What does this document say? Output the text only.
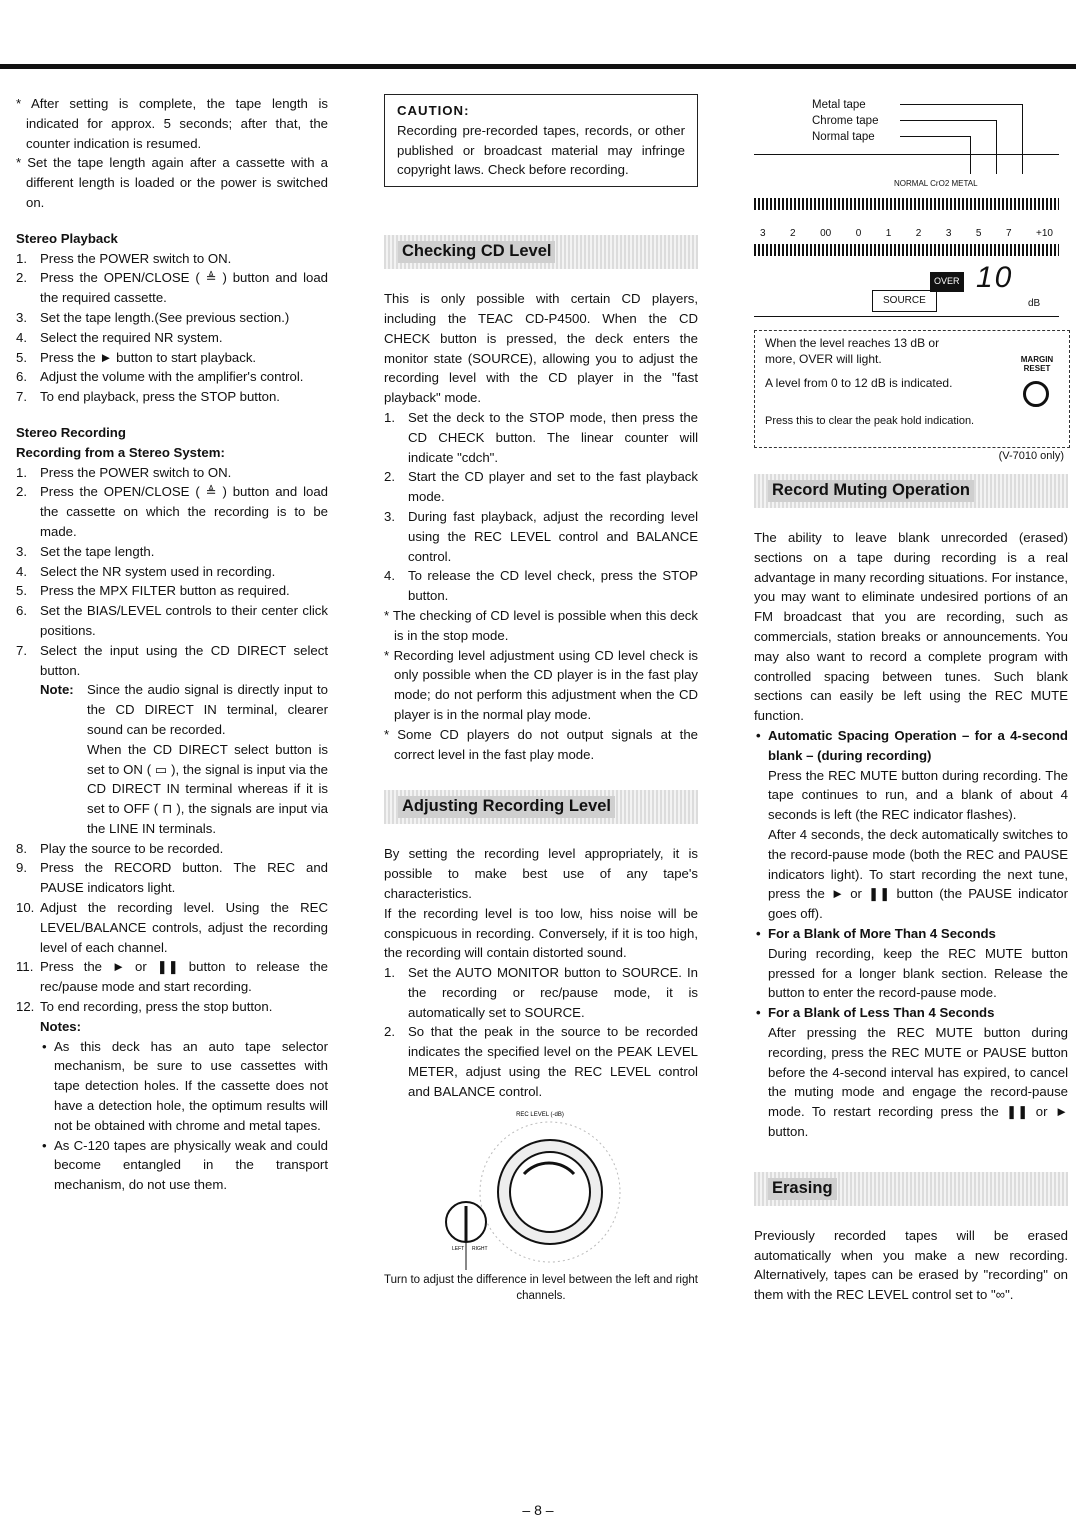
* After setting is complete, the tape length is indicated for approx. 5 seconds; after that, the counter indication is resumed.

* Set the tape length again after a cassette with a different length is loaded or the power is switched on.

Stereo Playback

1. Press the POWER switch to ON.
2. Press the OPEN/CLOSE ( ≜ ) button and load the required cassette.
3. Set the tape length.(See previous section.)
4. Select the required NR system.
5. Press the ► button to start playback.
6. Adjust the volume with the amplifier's control.
7. To end playback, press the STOP button.

Stereo Recording

Recording from a Stereo System:

1. Press the POWER switch to ON.
2. Press the OPEN/CLOSE ( ≜ ) button and load the cassette on which the recording is to be made.
3. Set the tape length.
4. Select the NR system used in recording.
5. Press the MPX FILTER button as required.
6. Set the BIAS/LEVEL controls to their center click positions.
7. Select the input using the CD DIRECT select button.
Note:	Since the audio signal is directly input to the CD DIRECT IN terminal, clearer sound can be recorded.
When the CD DIRECT select button is set to ON ( ▭ ), the signal is input via the CD DIRECT IN terminal whereas if it is set to OFF ( ⊓ ), the signals are input via the LINE IN terminals.
8. Play the source to be recorded.
9. Press the RECORD button. The REC and PAUSE indicators light.
10. Adjust the recording level. Using the REC LEVEL/BALANCE controls, adjust the recording level of each channel.
11. Press the ► or ❚❚ button to release the rec/pause mode and start recording.
12. To end recording, press the stop button.

Notes:

• As this deck has an auto tape selector mechanism, be sure to use cassettes with tape detection holes. If the cassette does not have a detection hole, the optimum results will not be obtained with chrome and metal tapes.
• As C-120 tapes are physically weak and could become entangled in the transport mechanism, do not use them.

CAUTION:

Recording pre-recorded tapes, records, or other published or broadcast material may infringe copyright laws. Check before recording.

Checking CD Level

This is only possible with certain CD players, including the TEAC CD-P4500. When the CD CHECK button is pressed, the deck enters the monitor state (SOURCE), allowing you to adjust the recording level with the CD player in the "fast playback" mode.

1. Set the deck to the STOP mode, then press the CD CHECK button. The linear counter will indicate "cdch".
2. Start the CD player and set to the fast playback mode.
3. During fast playback, adjust the recording level using the REC LEVEL control and BALANCE control.
4. To release the CD level check, press the STOP button.

* The checking of CD level is possible when this deck is in the stop mode.

* Recording level adjustment using CD level check is only possible when the CD player is in the fast play mode; do not perform this adjustment when the CD player is in the normal play mode.

* Some CD players do not output signals at the correct level in the fast play mode.

Adjusting Recording Level

By setting the recording level appropriately, it is possible to make best use of any tape's characteristics.

If the recording level is too low, hiss noise will be conspicuous in recording. Conversely, if it is too high, the recording will contain distorted sound.

1. Set the AUTO MONITOR button to SOURCE. In the recording or rec/pause mode, it is automatically set to SOURCE.
2. So that the peak in the source to be recorded indicates the specified level on the PEAK LEVEL METER, adjust using the REC LEVEL control and BALANCE control.
REC LEVEL (-dB)
LEFT RIGHT

Turn to adjust the difference in level between the left and right channels.

Metal tape
Chrome tape
Normal tape
NORMAL CrO2 METAL
3 2 00 0 1 2 3 5 7 +10
OVER
SOURCE
10
dB

When the level reaches 13 dB or more, OVER will light.

A level from 0 to 12 dB is indicated.

Press this to clear the peak hold indication.

MARGIN RESET

(V-7010 only)

Record Muting Operation

The ability to leave blank unrecorded (erased) sections on a tape during recording is a real advantage in many recording situations. For instance, you may want to eliminate undesired portions of an FM broadcast that you are recording, such as commercials, station breaks or announcements. You may also want to record a complete program with controlled spacing between tunes. Such blank sections can easily be left using the REC MUTE function.

• Automatic Spacing Operation – for a 4-second blank – (during recording)

Press the REC MUTE button during recording. The tape continues to run, and a blank of about 4 seconds is left (the REC indicator flashes).

After 4 seconds, the deck automatically switches to the record-pause mode (both the REC and PAUSE indicators light). To start recording the next tune, press the ► or ❚❚ button (the PAUSE indicator goes off).

• For a Blank of More Than 4 Seconds

During recording, keep the REC MUTE button pressed for a longer blank section. Release the button to enter the record-pause mode.

• For a Blank of Less Than 4 Seconds

After pressing the REC MUTE button during recording, press the REC MUTE or PAUSE button before the 4-second interval has expired, to cancel the muting mode and engage the record-pause mode. To restart recording press the ❚❚ or ► button.

Erasing

Previously recorded tapes will be erased automatically when you make a new recording. Alternatively, tapes can be erased by "recording" on them with the REC LEVEL control set to "∞".

– 8 –
